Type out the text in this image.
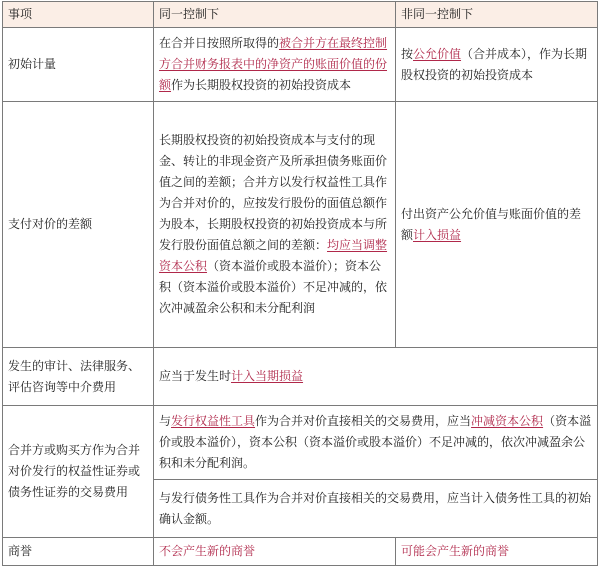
事项	同一控制下	非同一控制下
初始计量	在合并日按照所取得的被合并方在最终控制方合并财务报表中的净资产的账面价值的份额作为长期股权投资的初始投资成本	按公允价值（合并成本），作为长期股权投资的初始投资成本
支付对价的差额	长期股权投资的初始投资成本与支付的现金、转让的非现金资产及所承担债务账面价值之间的差额；合并方以发行权益性工具作为合并对价的，应按发行股份的面值总额作为股本，长期股权投资的初始投资成本与所发行股份面值总额之间的差额：均应当调整资本公积（资本溢价或股本溢价）；资本公积（资本溢价或股本溢价）不足冲减的，依次冲减盈余公积和未分配利润	付出资产公允价值与账面价值的差额计入损益
发生的审计、法律服务、评估咨询等中介费用	应当于发生时计入当期损益	
合并方或购买方作为合并对价发行的权益性证券或债务性证券的交易费用	与发行权益性工具作为合并对价直接相关的交易费用，应当冲减资本公积（资本溢价或股本溢价），资本公积（资本溢价或股本溢价）不足冲减的，依次冲减盈余公积和未分配利润。	
	与发行债务性工具作为合并对价直接相关的交易费用，应当计入债务性工具的初始确认金额。	
商誉	不会产生新的商誉	可能会产生新的商誉
